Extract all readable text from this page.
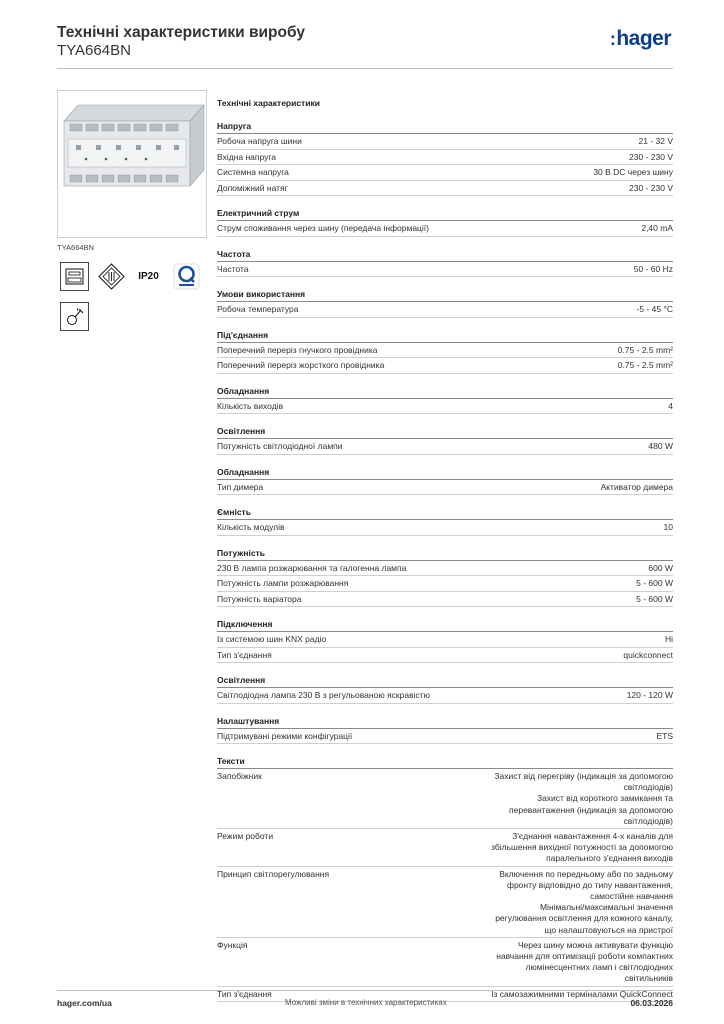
Технічні характеристики виробу
TYA664BN
:hager
TYA664BN
IP20
Технічні характеристики
Напруга
Робоча напруга шини	21 - 32 V
Вхідна напруга	230 - 230 V
Системна напруга	30 В DC через шину
Допоміжний натяг	230 - 230 V
Електричний струм
Струм споживання через шину (передача інформації)	2,40 mA
Частота
Частота	50 - 60 Hz
Умови використання
Робоча температура	-5 - 45 °C
Під'єднання
Поперечний переріз гнучкого провідника	0.75 - 2.5 mm²
Поперечний переріз жорсткого провідника	0.75 - 2.5 mm²
Обладнання
Кількість виходів	4
Освітлення
Потужність світлодіодної лампи	480 W
Обладнання
Тип димера	Активатор димера
Ємність
Кількість модулів	10
Потужність
230 В лампа розжарювання та галогенна лампа	600 W
Потужність лампи розжарювання	5 - 600 W
Потужність варіатора	5 - 600 W
Підключення
Із системою шин KNX радіо	Ні
Тип з'єднання	quickconnect
Освітлення
Світлодіодна лампа 230 В з регульованою яскравістю	120 - 120 W
Налаштування
Підтримувані режими конфігурації	ETS
Тексти
Запобіжник	Захист від перегріву (індикація за допомогою
світлодіодів)
Захист від короткого замикання та
перевантаження (індикація за допомогою
світлодіодів)
Режим роботи	З'єднання навантаження 4-х каналів для
збільшення вихідної потужності за допомогою
паралельного з'єднання виходів
Принцип світлорегулювання	Включення по передньому або по задньому
фронту відповідно до типу навантаження,
самостійне навчання
Мінімальні/максимальні значення
регулювання освітлення для кожного каналу,
що налаштовуються на пристрої
Функція	Через шину можна активувати функцію
навчання для оптимізації роботи компактних
люмінесцентних ламп і світлодіодних
світильників
Тип з'єднання	Із самозажимними терміналами QuickConnect
hager.com/ua	Можливі зміни в технічних характеристиках	06.03.2026
